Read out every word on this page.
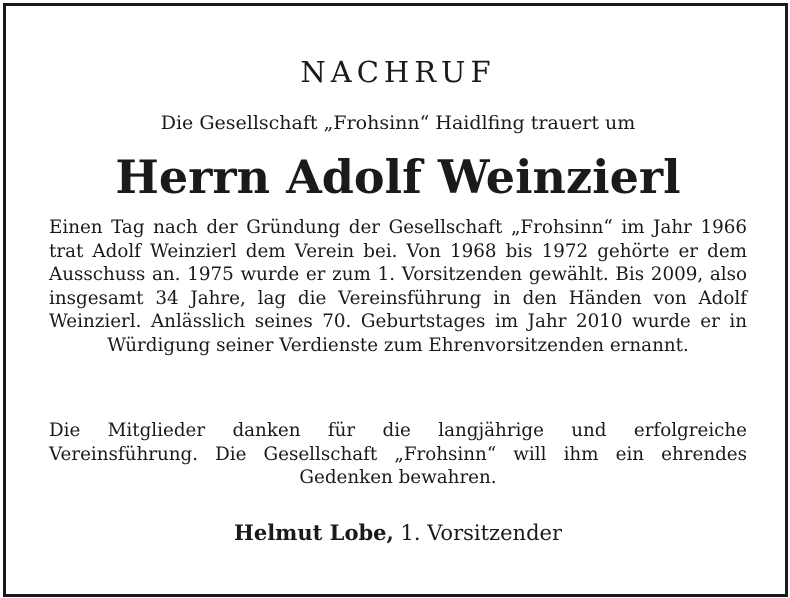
NACHRUF
Die Gesellschaft „Frohsinn“ Haidlfing trauert um
Herrn Adolf Weinzierl

Einen Tag nach der Gründung der Gesellschaft „Frohsinn“ im Jahr 1966 trat Adolf Weinzierl dem Verein bei. Von 1968 bis 1972 gehörte er dem Ausschuss an. 1975 wurde er zum 1. Vorsitzenden gewählt. Bis 2009, also insgesamt 34 Jahre, lag die Vereinsführung in den Händen von Adolf Weinzierl. Anlässlich seines 70. Geburtstages im Jahr 2010 wurde er in Würdigung seiner Verdienste zum Ehrenvorsitzenden ernannt.

Die Mitglieder danken für die langjährige und erfolgreiche Vereinsführung. Die Gesellschaft „Frohsinn“ will ihm ein ehrendes Gedenken bewahren.

Helmut Lobe, 1. Vorsitzender
